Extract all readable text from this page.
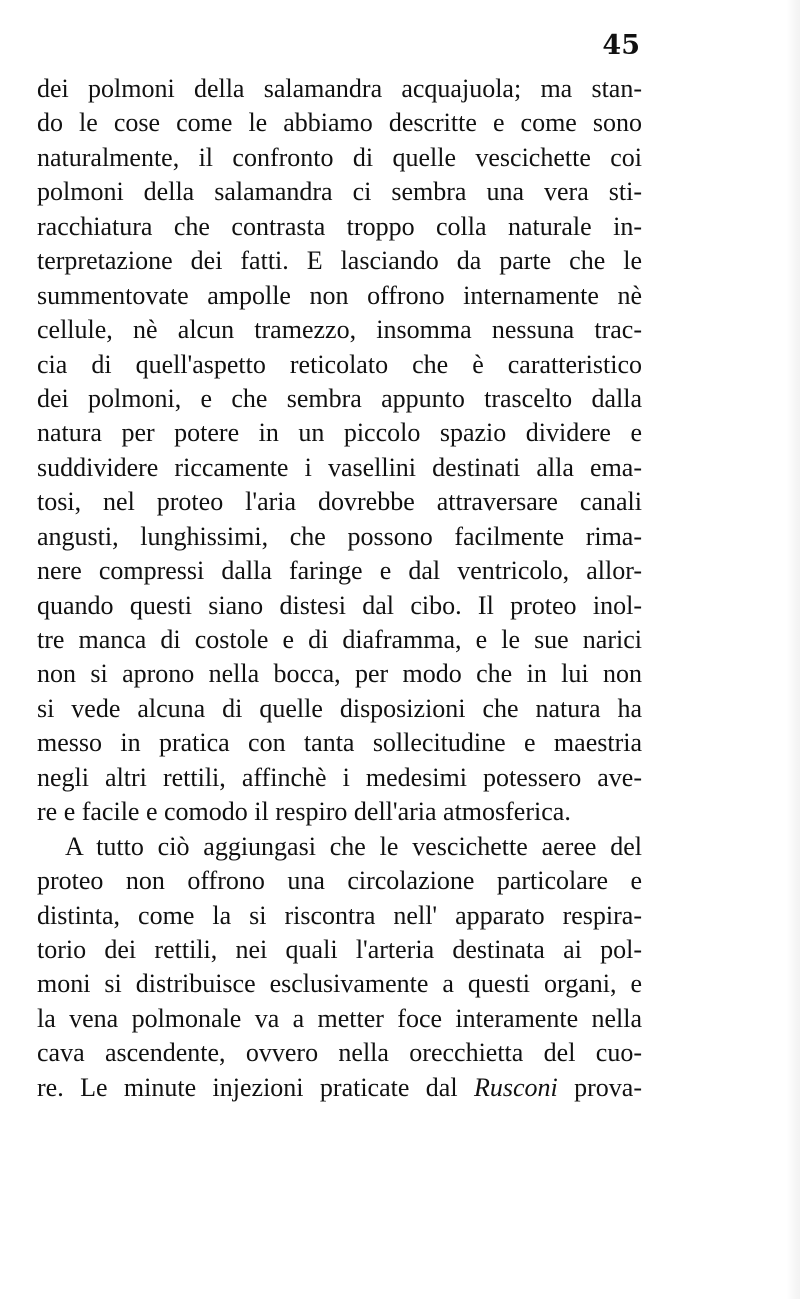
45
dei polmoni della salamandra acquajuola; ma stan-
do le cose come le abbiamo descritte e come sono
naturalmente, il confronto di quelle vescichette coi
polmoni della salamandra ci sembra una vera sti-
racchiatura che contrasta troppo colla naturale in-
terpretazione dei fatti. E lasciando da parte che le
summentovate ampolle non offrono internamente nè
cellule, nè alcun tramezzo, insomma nessuna trac-
cia di quell'aspetto reticolato che è caratteristico
dei polmoni, e che sembra appunto trascelto dalla
natura per potere in un piccolo spazio dividere e
suddividere riccamente i vasellini destinati alla ema-
tosi, nel proteo l'aria dovrebbe attraversare canali
angusti, lunghissimi, che possono facilmente rima-
nere compressi dalla faringe e dal ventricolo, allor-
quando questi siano distesi dal cibo. Il proteo inol-
tre manca di costole e di diaframma, e le sue narici
non si aprono nella bocca, per modo che in lui non
si vede alcuna di quelle disposizioni che natura ha
messo in pratica con tanta sollecitudine e maestria
negli altri rettili, affinchè i medesimi potessero ave-
re e facile e comodo il respiro dell'aria atmosferica.
A tutto ciò aggiungasi che le vescichette aeree del
proteo non offrono una circolazione particolare e
distinta, come la si riscontra nell' apparato respira-
torio dei rettili, nei quali l'arteria destinata ai pol-
moni si distribuisce esclusivamente a questi organi, e
la vena polmonale va a metter foce interamente nella
cava ascendente, ovvero nella orecchietta del cuo-
re. Le minute injezioni praticate dal Rusconi prova-
